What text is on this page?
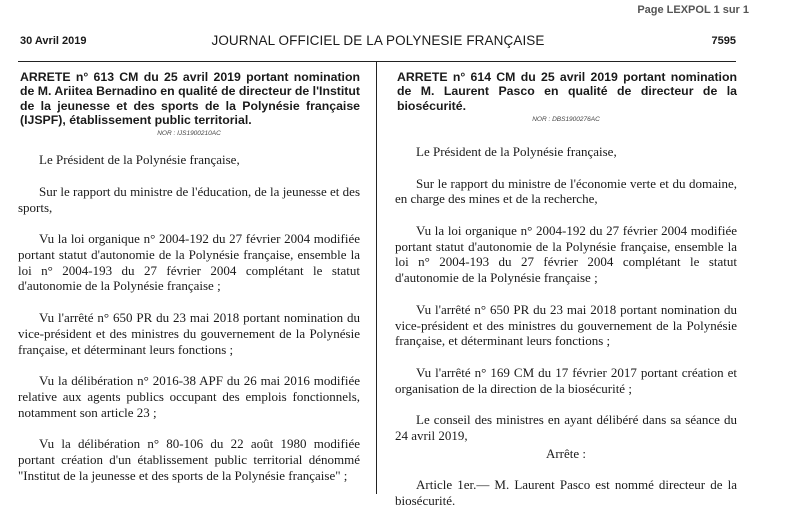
Page LEXPOL 1 sur 1
30 Avril 2019	JOURNAL OFFICIEL DE LA POLYNESIE FRANÇAISE	7595

ARRETE n° 613 CM du 25 avril 2019 portant nomination de M. Ariitea Bernadino en qualité de directeur de l'Institut de la jeunesse et des sports de la Polynésie française (IJSPF), établissement public territorial.

NOR : IJS1900210AC

Le Président de la Polynésie française,

Sur le rapport du ministre de l'éducation, de la jeunesse et des sports,

Vu la loi organique n° 2004-192 du 27 février 2004 modifiée portant statut d'autonomie de la Polynésie française, ensemble la loi n° 2004-193 du 27 février 2004 complétant le statut d'autonomie de la Polynésie française ;

Vu l'arrêté n° 650 PR du 23 mai 2018 portant nomination du vice-président et des ministres du gouvernement de la Polynésie française, et déterminant leurs fonctions ;

Vu la délibération n° 2016-38 APF du 26 mai 2016 modifiée relative aux agents publics occupant des emplois fonctionnels, notamment son article 23 ;

Vu la délibération n° 80-106 du 22 août 1980 modifiée portant création d'un établissement public territorial dénommé "Institut de la jeunesse et des sports de la Polynésie française" ;

ARRETE n° 614 CM du 25 avril 2019 portant nomination de M. Laurent Pasco en qualité de directeur de la biosécurité.

NOR : DBS1900276AC

Le Président de la Polynésie française,

Sur le rapport du ministre de l'économie verte et du domaine, en charge des mines et de la recherche,

Vu la loi organique n° 2004-192 du 27 février 2004 modifiée portant statut d'autonomie de la Polynésie française, ensemble la loi n° 2004-193 du 27 février 2004 complétant le statut d'autonomie de la Polynésie française ;

Vu l'arrêté n° 650 PR du 23 mai 2018 portant nomination du vice-président et des ministres du gouvernement de la Polynésie française, et déterminant leurs fonctions ;

Vu l'arrêté n° 169 CM du 17 février 2017 portant création et organisation de la direction de la biosécurité ;

Le conseil des ministres en ayant délibéré dans sa séance du 24 avril 2019,

Arrête :

Article 1er.— M. Laurent Pasco est nommé directeur de la biosécurité.
